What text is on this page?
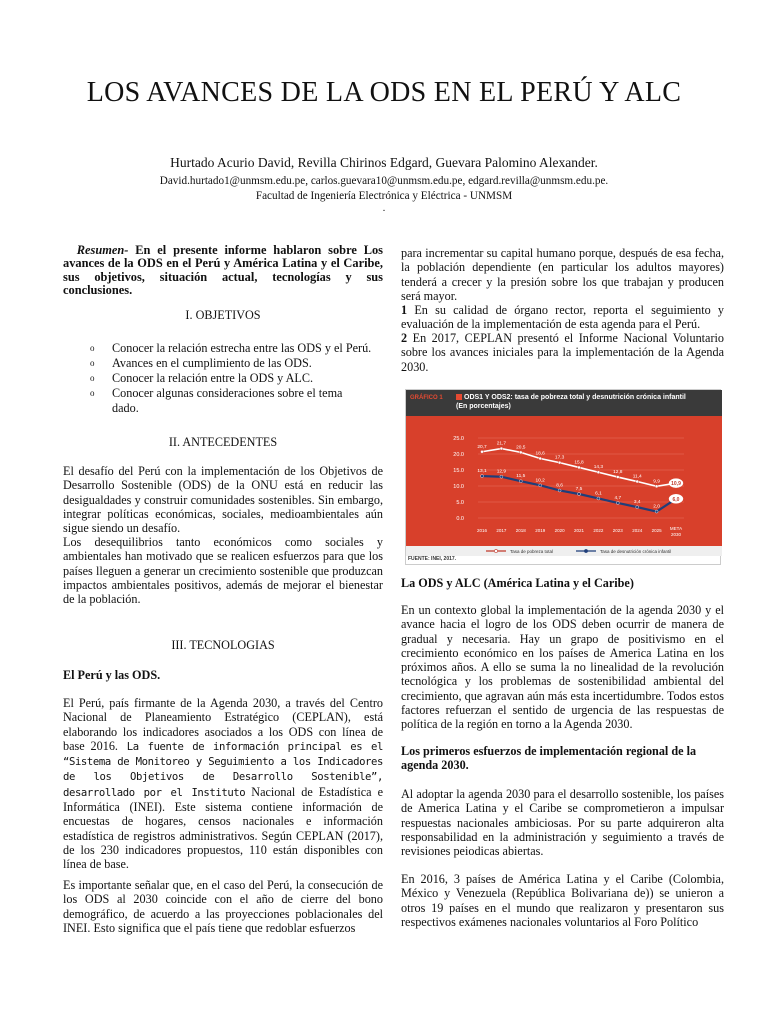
LOS AVANCES DE LA ODS EN EL PERÚ Y ALC
Hurtado Acurio David, Revilla Chirinos Edgard, Guevara Palomino Alexander.
David.hurtado1@unmsm.edu.pe, carlos.guevara10@unmsm.edu.pe, edgard.revilla@unmsm.edu.pe.
Facultad de Ingeniería Electrónica y Eléctrica - UNMSM
.
Resumen- En el presente informe hablaron sobre Los avances de la ODS en el Perú y América Latina y el Caribe, sus objetivos, situación actual, tecnologías y sus conclusiones.
I. OBJETIVOS
o Conocer la relación estrecha entre las ODS y el Perú.
o Avances en el cumplimiento de las ODS.
o Conocer la relación entre la ODS y ALC.
o Conocer algunas consideraciones sobre el tema dado.
II. ANTECEDENTES
El desafío del Perú con la implementación de los Objetivos de Desarrollo Sostenible (ODS) de la ONU está en reducir las desigualdades y construir comunidades sostenibles. Sin embargo, integrar políticas económicas, sociales, medioambientales aún sigue siendo un desafío.
Los desequilibrios tanto económicos como sociales y ambientales han motivado que se realicen esfuerzos para que los países lleguen a generar un crecimiento sostenible que produzcan impactos ambientales positivos, además de mejorar el bienestar de la población.
III. TECNOLOGIAS
El Perú y las ODS.
El Perú, país firmante de la Agenda 2030, a través del Centro Nacional de Planeamiento Estratégico (CEPLAN), está elaborando los indicadores asociados a los ODS con línea de base 2016. La fuente de información principal es el “Sistema de Monitoreo y Seguimiento a los Indicadores de los Objetivos de Desarrollo Sostenible”, desarrollado por el Instituto Nacional de Estadística e Informática (INEI). Este sistema contiene información de encuestas de hogares, censos nacionales e información estadística de registros administrativos. Según CEPLAN (2017), de los 230 indicadores propuestos, 110 están disponibles con línea de base.
Es importante señalar que, en el caso del Perú, la consecución de los ODS al 2030 coincide con el año de cierre del bono demográfico, de acuerdo a las proyecciones poblacionales del INEI. Esto significa que el país tiene que redoblar esfuerzos
para incrementar su capital humano porque, después de esa fecha, la población dependiente (en particular los adultos mayores) tenderá a crecer y la presión sobre los que trabajan y producen será mayor.
1 En su calidad de órgano rector, reporta el seguimiento y evaluación de la implementación de esta agenda para el Perú.
2 En 2017, CEPLAN presentó el Informe Nacional Voluntario sobre los avances iniciales para la implementación de la Agenda 2030.
GRÁFICO 1	ODS1 Y ODS2: tasa de pobreza total y desnutrición crónica infantil
(En porcentajes)
25.0
20.0
15.0
10.0
5.0
0.0
2016 2017 2018 2019 2020 2021 2022 2023 2024 2025 META
2030
20,7
21,7
20,5
18,6
17,3
15,8
14,3
12,8
11,4
9,9 10,9
13,1 12,9
11,5
10,2
8,6
7,5
6,1
4,7
3,4
2,0
6,0
Tasa de pobreza total	Tasa de desnutrición crónica infantil
FUENTE: INEI, 2017.
La ODS y ALC (América Latina y el Caribe)
En un contexto global la implementación de la agenda 2030 y el avance hacia el logro de los ODS deben ocurrir de manera de gradual y necesaria. Hay un grapo de positivismo en el crecimiento económico en los países de America Latina en los próximos años. A ello se suma la no linealidad de la revolución tecnológica y los problemas de sostenibilidad ambiental del crecimiento, que agravan aún más esta incertidumbre. Todos estos factores refuerzan el sentido de urgencia de las respuestas de política de la región en torno a la Agenda 2030.
Los primeros esfuerzos de implementación regional de la agenda 2030.
Al adoptar la agenda 2030 para el desarrollo sostenible, los países de America Latina y el Caribe se comprometieron a impulsar respuestas nacionales ambiciosas. Por su parte adquireron alta responsabilidad en la administración y seguimiento a través de revisiones peiodicas abiertas.
En 2016, 3 países de América Latina y el Caribe (Colombia, México y Venezuela (República Bolivariana de)) se unieron a otros 19 países en el mundo que realizaron y presentaron sus respectivos exámenes nacionales voluntarios al Foro Político
